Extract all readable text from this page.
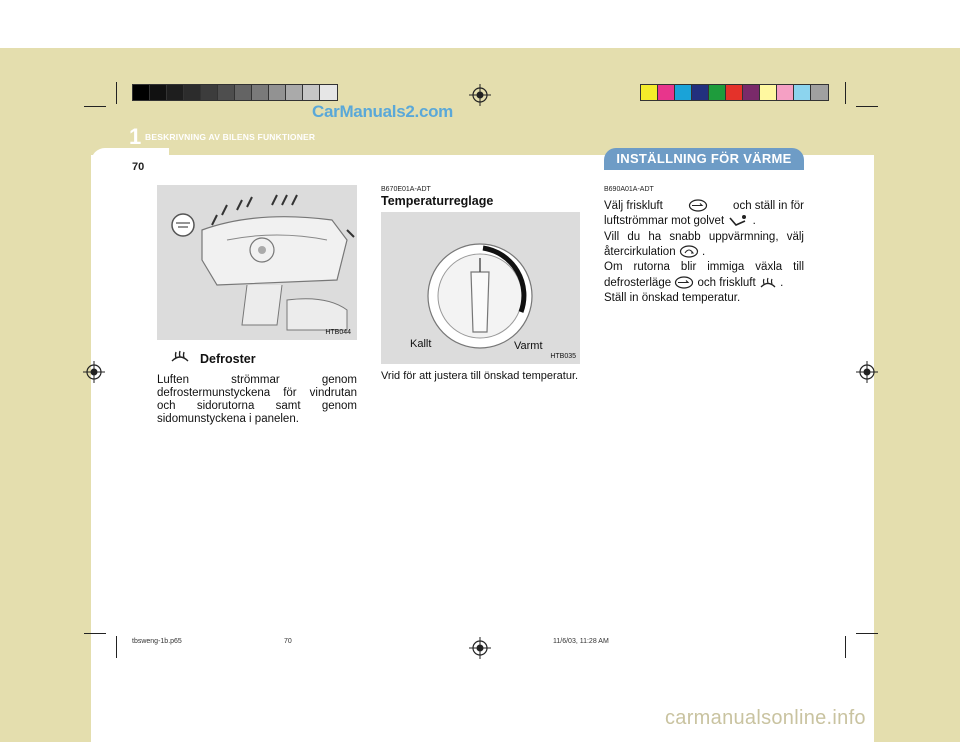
CarManuals2.com
1 BESKRIVNING AV BILENS FUNKTIONER
70
INSTÄLLNING FÖR VÄRME
HTB044
Defroster
Luften strömmar genom defrostermunstyckena för vindrutan och sidorutorna samt genom sidomunstyckena i panelen.
B670E01A-ADT
Temperaturreglage
Kallt	Varmt
HTB035
Vrid för att justera till önskad temperatur.
B690A01A-ADT
Välj friskluft	och ställ in för
luftströmmar mot golvet .
Vill du ha snabb uppvärmning, välj
återcirkulation .
Om rutorna blir immiga växla till
defrosterläge och friskluft .
Ställ in önskad temperatur.
tbsweng-1b.p65	70	11/6/03, 11:28 AM
carmanualsonline.info
